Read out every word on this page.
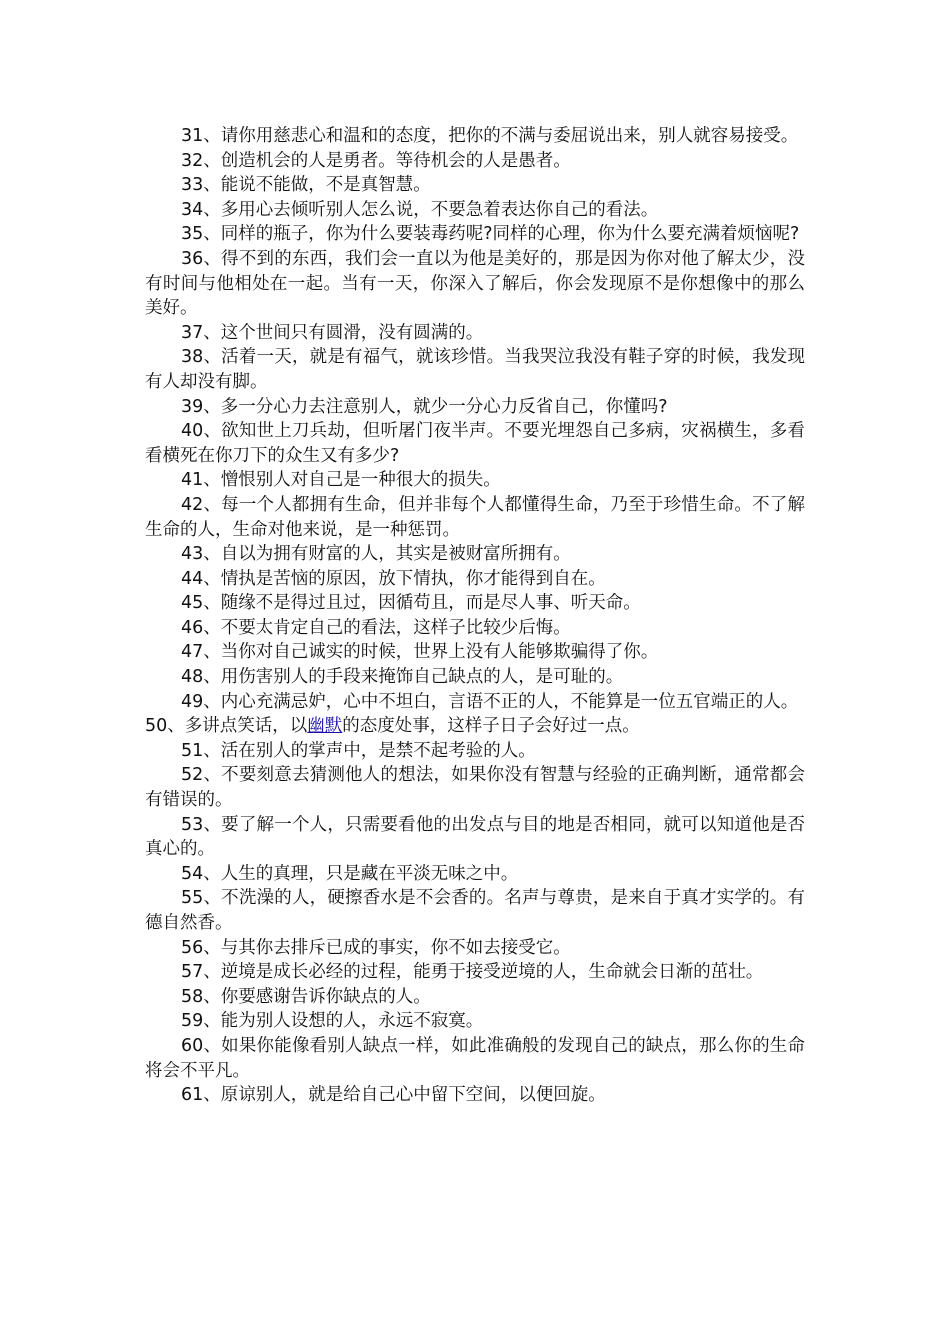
31、请你用慈悲心和温和的态度，把你的不满与委屈说出来，别人就容易接受。

32、创造机会的人是勇者。等待机会的人是愚者。

33、能说不能做，不是真智慧。

34、多用心去倾听别人怎么说，不要急着表达你自己的看法。

35、同样的瓶子，你为什么要装毒药呢?同样的心理，你为什么要充满着烦恼呢?

36、得不到的东西，我们会一直以为他是美好的，那是因为你对他了解太少，没有时间与他相处在一起。当有一天，你深入了解后，你会发现原不是你想像中的那么美好。

37、这个世间只有圆滑，没有圆满的。

38、活着一天，就是有福气，就该珍惜。当我哭泣我没有鞋子穿的时候，我发现有人却没有脚。

39、多一分心力去注意别人，就少一分心力反省自己，你懂吗?

40、欲知世上刀兵劫，但听屠门夜半声。不要光埋怨自己多病，灾祸横生，多看看横死在你刀下的众生又有多少?

41、憎恨别人对自己是一种很大的损失。

42、每一个人都拥有生命，但并非每个人都懂得生命，乃至于珍惜生命。不了解生命的人，生命对他来说，是一种惩罚。

43、自以为拥有财富的人，其实是被财富所拥有。

44、情执是苦恼的原因，放下情执，你才能得到自在。

45、随缘不是得过且过，因循苟且，而是尽人事、听天命。

46、不要太肯定自己的看法，这样子比较少后悔。

47、当你对自己诚实的时候，世界上没有人能够欺骗得了你。

48、用伤害别人的手段来掩饰自己缺点的人，是可耻的。

49、内心充满忌妒，心中不坦白，言语不正的人，不能算是一位五官端正的人。

50、多讲点笑话，以幽默的态度处事，这样子日子会好过一点。

51、活在别人的掌声中，是禁不起考验的人。

52、不要刻意去猜测他人的想法，如果你没有智慧与经验的正确判断，通常都会有错误的。

53、要了解一个人，只需要看他的出发点与目的地是否相同，就可以知道他是否真心的。

54、人生的真理，只是藏在平淡无味之中。

55、不洗澡的人，硬擦香水是不会香的。名声与尊贵，是来自于真才实学的。有德自然香。

56、与其你去排斥已成的事实，你不如去接受它。

57、逆境是成长必经的过程，能勇于接受逆境的人，生命就会日渐的茁壮。

58、你要感谢告诉你缺点的人。

59、能为别人设想的人，永远不寂寞。

60、如果你能像看别人缺点一样，如此准确般的发现自己的缺点，那么你的生命将会不平凡。

61、原谅别人，就是给自己心中留下空间，以便回旋。
